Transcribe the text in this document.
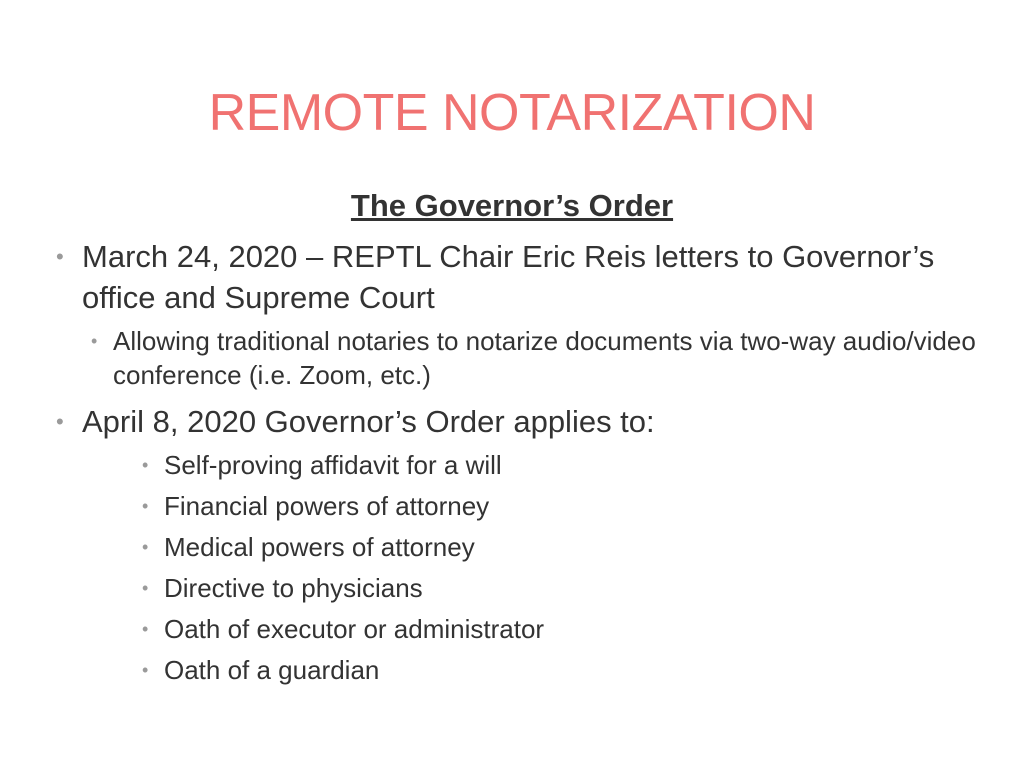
REMOTE NOTARIZATION
The Governor’s Order
• March 24, 2020 – REPTL Chair Eric Reis letters to Governor’s office and Supreme Court
• Allowing traditional notaries to notarize documents via two-way audio/video conference (i.e. Zoom, etc.)
• April 8, 2020 Governor’s Order applies to:
• Self-proving affidavit for a will
• Financial powers of attorney
• Medical powers of attorney
• Directive to physicians
• Oath of executor or administrator
• Oath of a guardian
